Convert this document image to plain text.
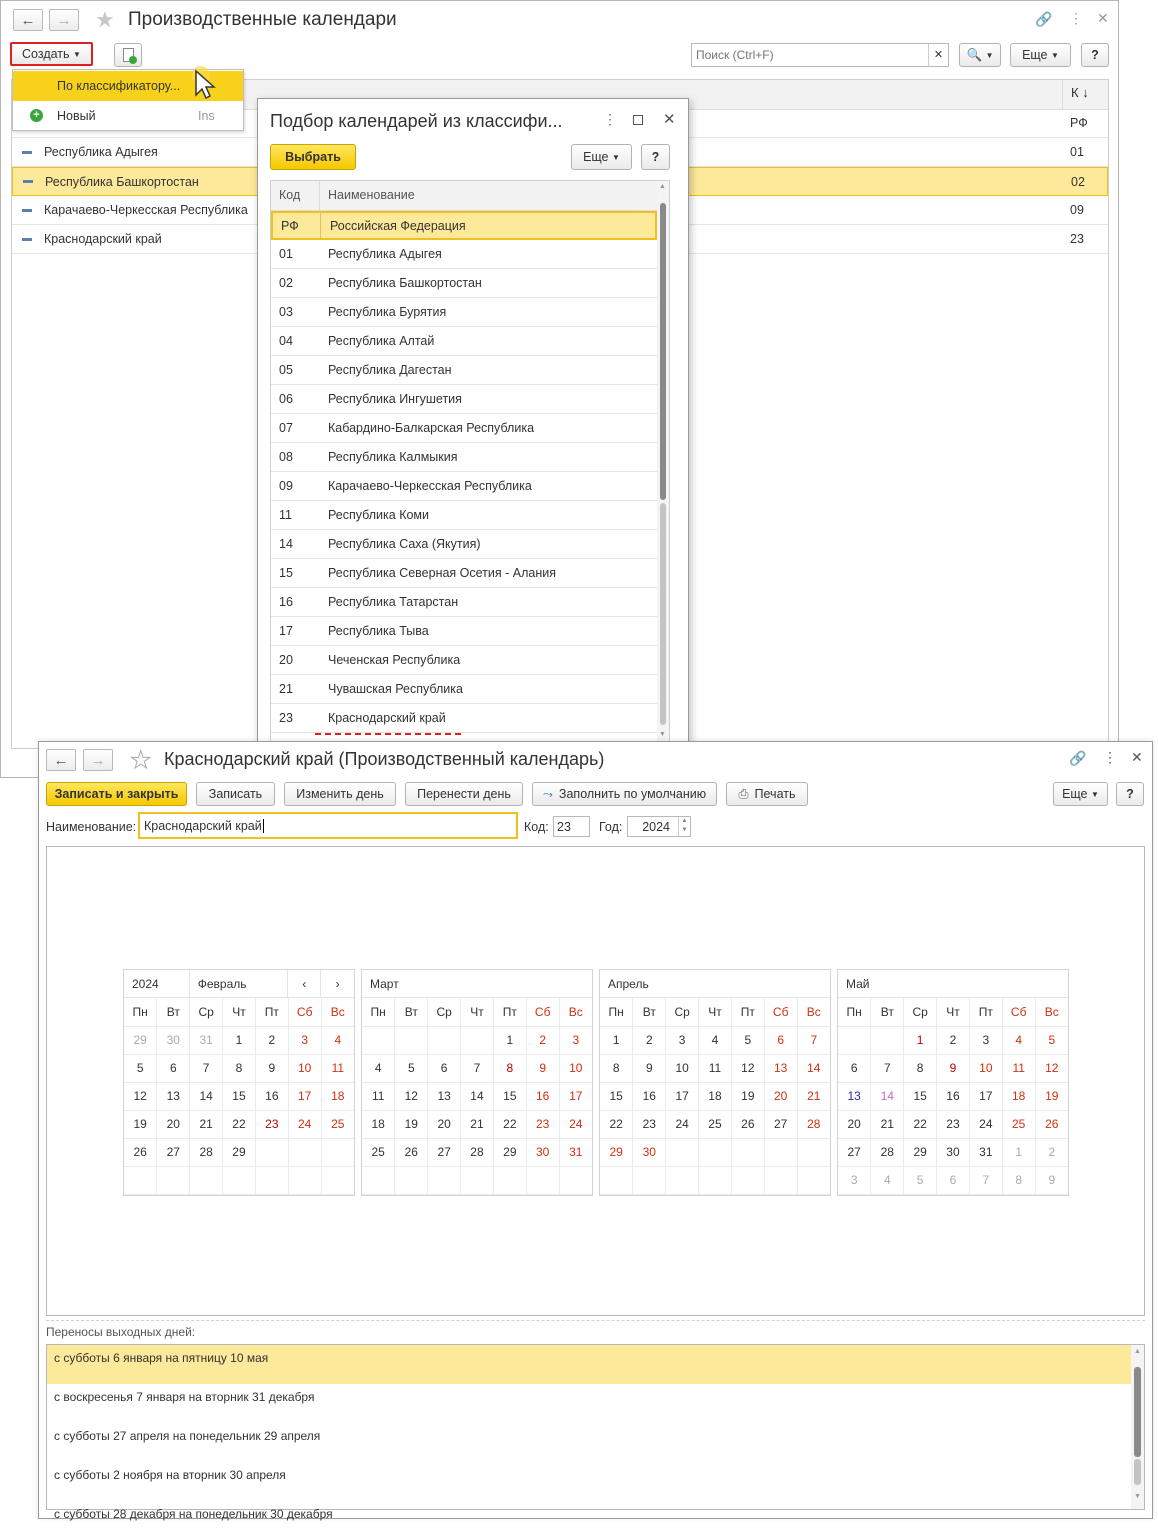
←	→	★ Производственные календари	🔗 ⋮ ✕
Создать
▼
Поиск (Ctrl+F)	✕	🔍
▼ Еще
▼	?
К ↓
РФ
Республика Адыгея	01
Республика Башкортостан	02
Карачаево-Черкесская Республика	09
Краснодарский край	23
По классификатору...
+ Новый	Ins	Подбор календарей из классифи...	⋮	✕
Выбрать	Еще
▼	?
Код Наименование
РФ	Российская Федерация
01	Республика Адыгея
02	Республика Башкортостан
03	Республика Бурятия
04	Республика Алтай
05	Республика Дагестан
06	Республика Ингушетия
07	Кабардино-Балкарская Республика
08	Республика Калмыкия
09	Карачаево-Черкесская Республика
11	Республика Коми
14	Республика Саха (Якутия)
15	Республика Северная Осетия - Алания
16	Республика Татарстан
17	Республика Тыва
20	Чеченская Республика
21	Чувашская Республика
23	Краснодарский край
▲
▼
←	→	★ Краснодарский край (Производственный календарь)	🔗 ⋮ ✕
Записать и закрыть	Записать	Изменить день	Перенести день	⤳ Заполнить по умолчанию	⎙ Печать	Еще
▼	?
Наименование: Краснодарский край	Код: 23	Год:	2024	▲
▼
2024	Февраль	‹	›
Пн	Вт	Ср	Чт	Пт	Сб	Вс
29	30	31	1	2	3	4
5	6	7	8	9	10	11
12	13	14	15	16	17	18
19	20	21	22	23	24	25
26	27	28	29			

Март
Пн	Вт	Ср	Чт	Пт	Сб	Вс
				1	2	3
4	5	6	7	8	9	10
11	12	13	14	15	16	17
18	19	20	21	22	23	24
25	26	27	28	29	30	31

Апрель
Пн	Вт	Ср	Чт	Пт	Сб	Вс
1	2	3	4	5	6	7
8	9	10	11	12	13	14
15	16	17	18	19	20	21
22	23	24	25	26	27	28
29	30					

Май
Пн	Вт	Ср	Чт	Пт	Сб	Вс
		1	2	3	4	5
6	7	8	9	10	11	12
13	14	15	16	17	18	19
20	21	22	23	24	25	26
27	28	29	30	31	1	2
3	4	5	6	7	8	9
Переносы выходных дней:
с субботы 6 января на пятницу 10 мая
с воскресенья 7 января на вторник 31 декабря
с субботы 27 апреля на понедельник 29 апреля
с субботы 2 ноября на вторник 30 апреля
с субботы 28 декабря на понедельник 30 декабря
▲
▼
